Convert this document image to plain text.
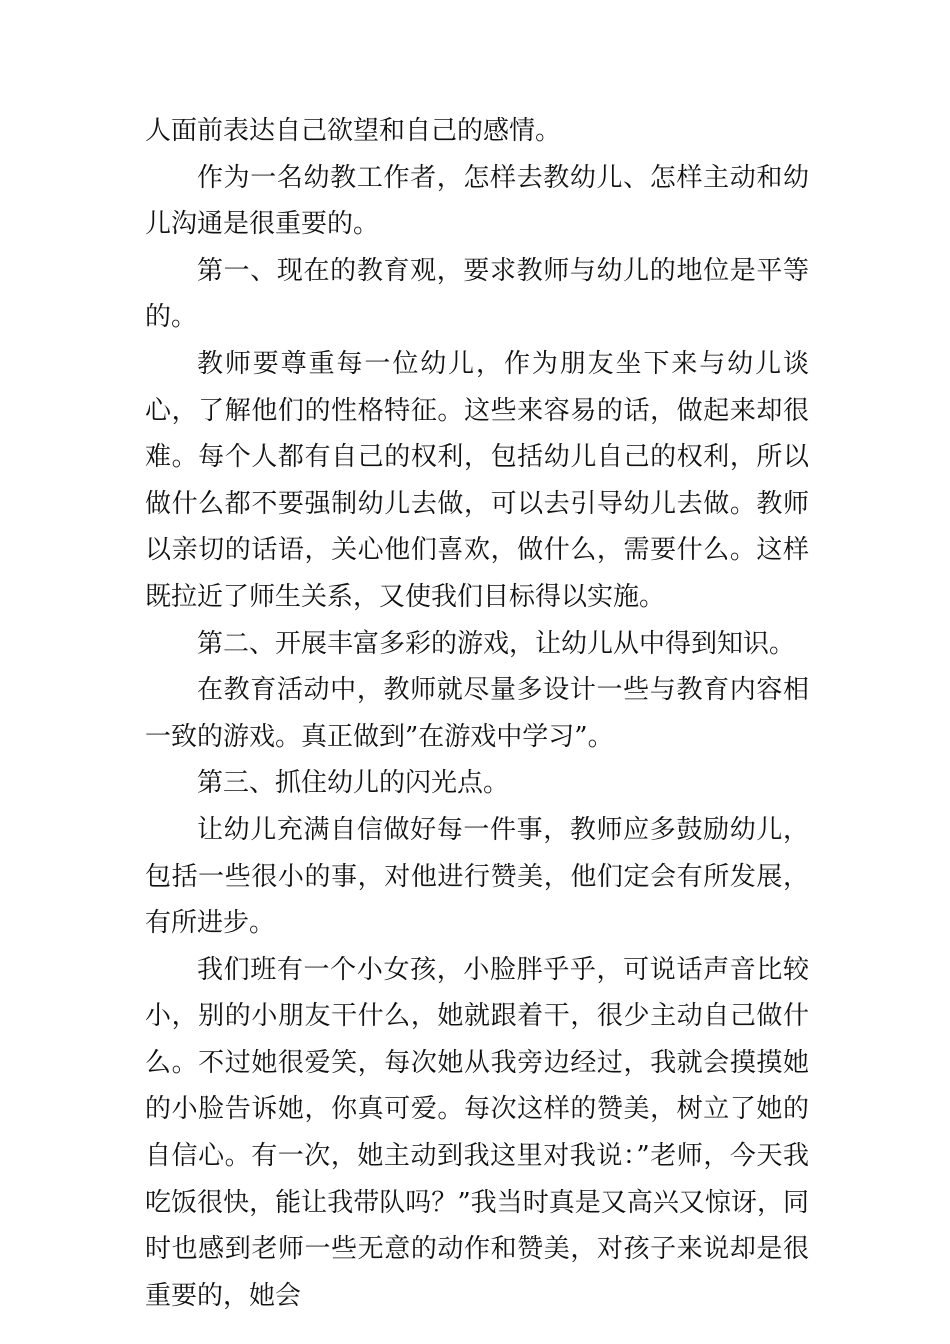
人面前表达自己欲望和自己的感情。

作为一名幼教工作者，怎样去教幼儿、怎样主动和幼儿沟通是很重要的。

第一、现在的教育观，要求教师与幼儿的地位是平等的。

教师要尊重每一位幼儿，作为朋友坐下来与幼儿谈心，了解他们的性格特征。这些来容易的话，做起来却很难。每个人都有自己的权利，包括幼儿自己的权利，所以做什么都不要强制幼儿去做，可以去引导幼儿去做。教师以亲切的话语，关心他们喜欢，做什么，需要什么。这样既拉近了师生关系，又使我们目标得以实施。

第二、开展丰富多彩的游戏，让幼儿从中得到知识。

在教育活动中，教师就尽量多设计一些与教育内容相一致的游戏。真正做到”在游戏中学习”。

第三、抓住幼儿的闪光点。

让幼儿充满自信做好每一件事，教师应多鼓励幼儿，包括一些很小的事，对他进行赞美，他们定会有所发展，有所进步。

我们班有一个小女孩，小脸胖乎乎，可说话声音比较小，别的小朋友干什么，她就跟着干，很少主动自己做什么。不过她很爱笑，每次她从我旁边经过，我就会摸摸她的小脸告诉她，你真可爱。每次这样的赞美，树立了她的自信心。有一次，她主动到我这里对我说：”老师，今天我吃饭很快，能让我带队吗？”我当时真是又高兴又惊讶，同时也感到老师一些无意的动作和赞美，对孩子来说却是很重要的，她会
